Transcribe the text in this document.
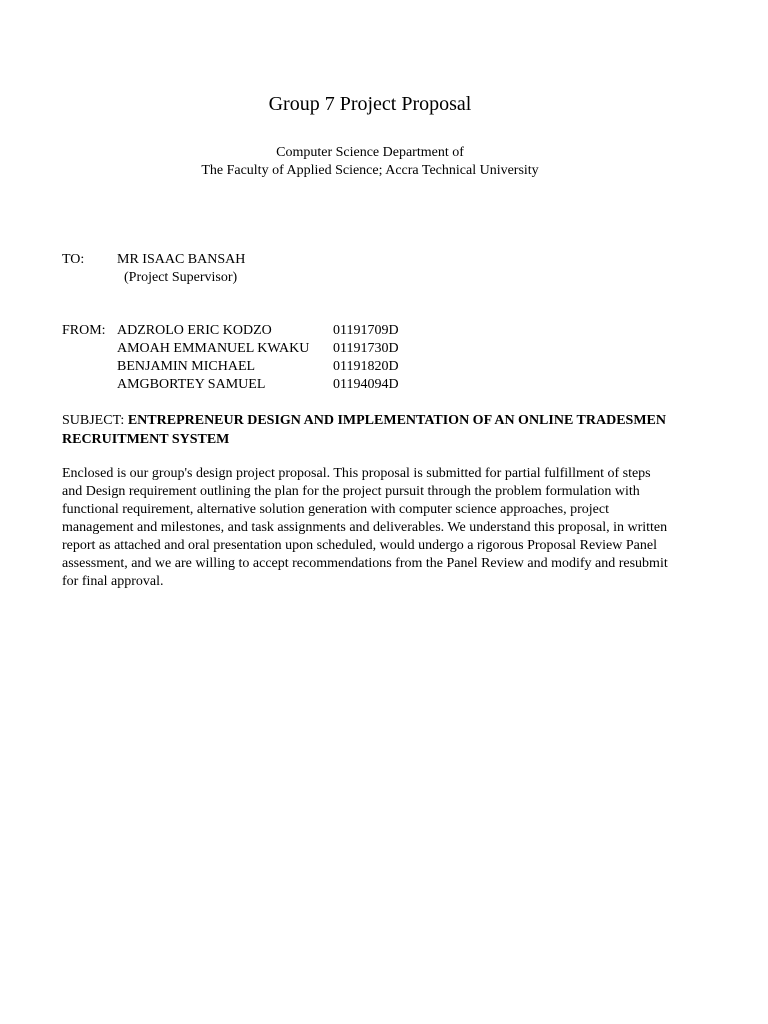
Group 7 Project Proposal
Computer Science Department of
The Faculty of Applied Science; Accra Technical University
TO: MR ISAAC BANSAH
(Project Supervisor)
FROM: ADZROLO ERIC KODZO	01191709D
AMOAH EMMANUEL KWAKU 01191730D
BENJAMIN MICHAEL	01191820D
AMGBORTEY SAMUEL	01194094D
SUBJECT: ENTREPRENEUR DESIGN AND IMPLEMENTATION OF AN ONLINE TRADESMEN RECRUITMENT SYSTEM

Enclosed is our group's design project proposal. This proposal is submitted for partial fulfillment of steps and Design requirement outlining the plan for the project pursuit through the problem formulation with functional requirement, alternative solution generation with computer science approaches, project management and milestones, and task assignments and deliverables. We understand this proposal, in written report as attached and oral presentation upon scheduled, would undergo a rigorous Proposal Review Panel assessment, and we are willing to accept recommendations from the Panel Review and modify and resubmit for final approval.
